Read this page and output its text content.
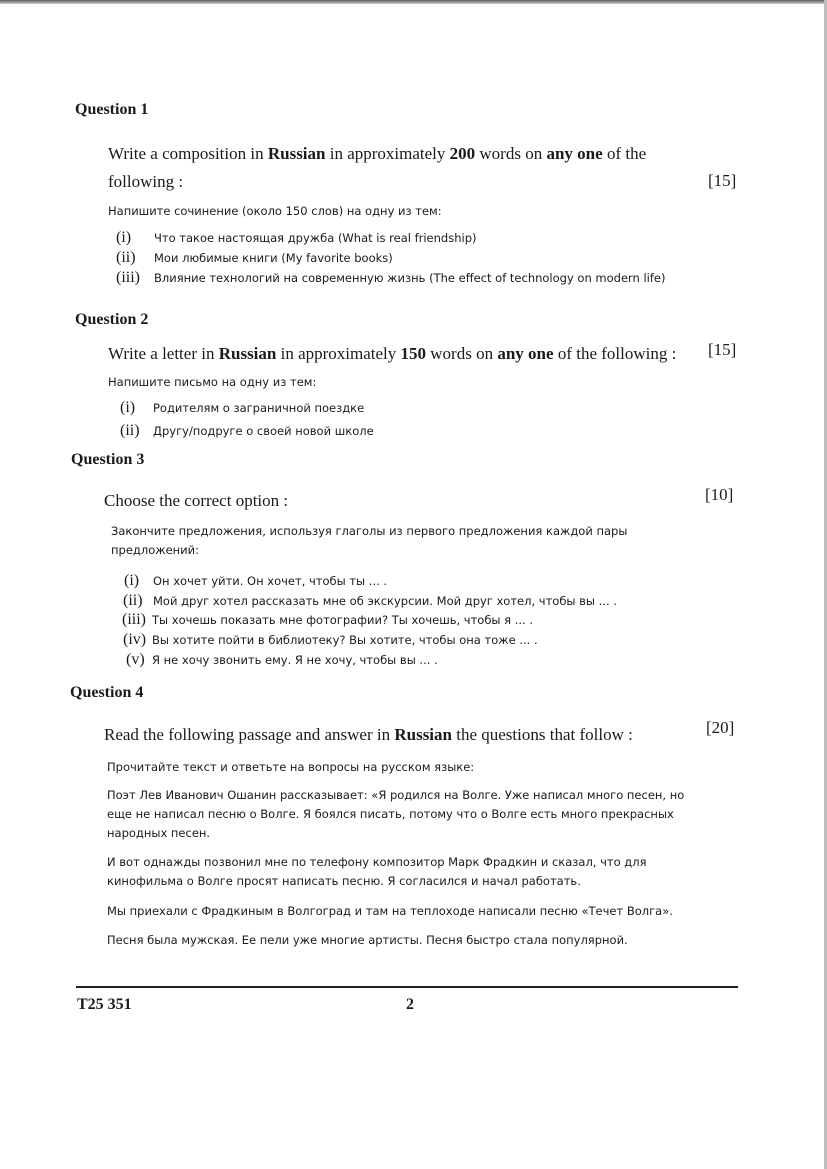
Question 1
Write a composition in Russian in approximately 200 words on any one of the
following :	[15]
Напишите сочинение (около 150 слов) на одну из тем:
(i) Что такое настоящая дружба (What is real friendship)
(ii) Мои любимые книги (My favorite books)
(iii) Влияние технологий на современную жизнь (The effect of technology on modern life)
Question 2
Write a letter in Russian in approximately 150 words on any one of the following : [15]
Напишите письмо на одну из тем:
(i) Родителям о заграничной поездке
(ii) Другу/подруге о своей новой школе
Question 3
Choose the correct option :	[10]
Закончите предложения, используя глаголы из первого предложения каждой пары предложений:
(i) Он хочет уйти. Он хочет, чтобы ты ... .
(ii) Мой друг хотел рассказать мне об экскурсии. Мой друг хотел, чтобы вы ... .
(iii) Ты хочешь показать мне фотографии? Ты хочешь, чтобы я ... .
(iv) Вы хотите пойти в библиотеку? Вы хотите, чтобы она тоже ... .
(v) Я не хочу звонить ему. Я не хочу, чтобы вы ... .
Question 4
Read the following passage and answer in Russian the questions that follow :	[20]
Прочитайте текст и ответьте на вопросы на русском языке:
Поэт Лев Иванович Ошанин рассказывает: «Я родился на Волге. Уже написал много песен, но еще не написал песню о Волге. Я боялся писать, потому что о Волге есть много прекрасных народных песен.
И вот однажды позвонил мне по телефону композитор Марк Фрадкин и сказал, что для кинофильма о Волге просят написать песню. Я согласился и начал работать.
Мы приехали с Фрадкиным в Волгоград и там на теплоходе написали песню «Течет Волга».
Песня была мужская. Ее пели уже многие артисты. Песня быстро стала популярной.
T25 351	2
